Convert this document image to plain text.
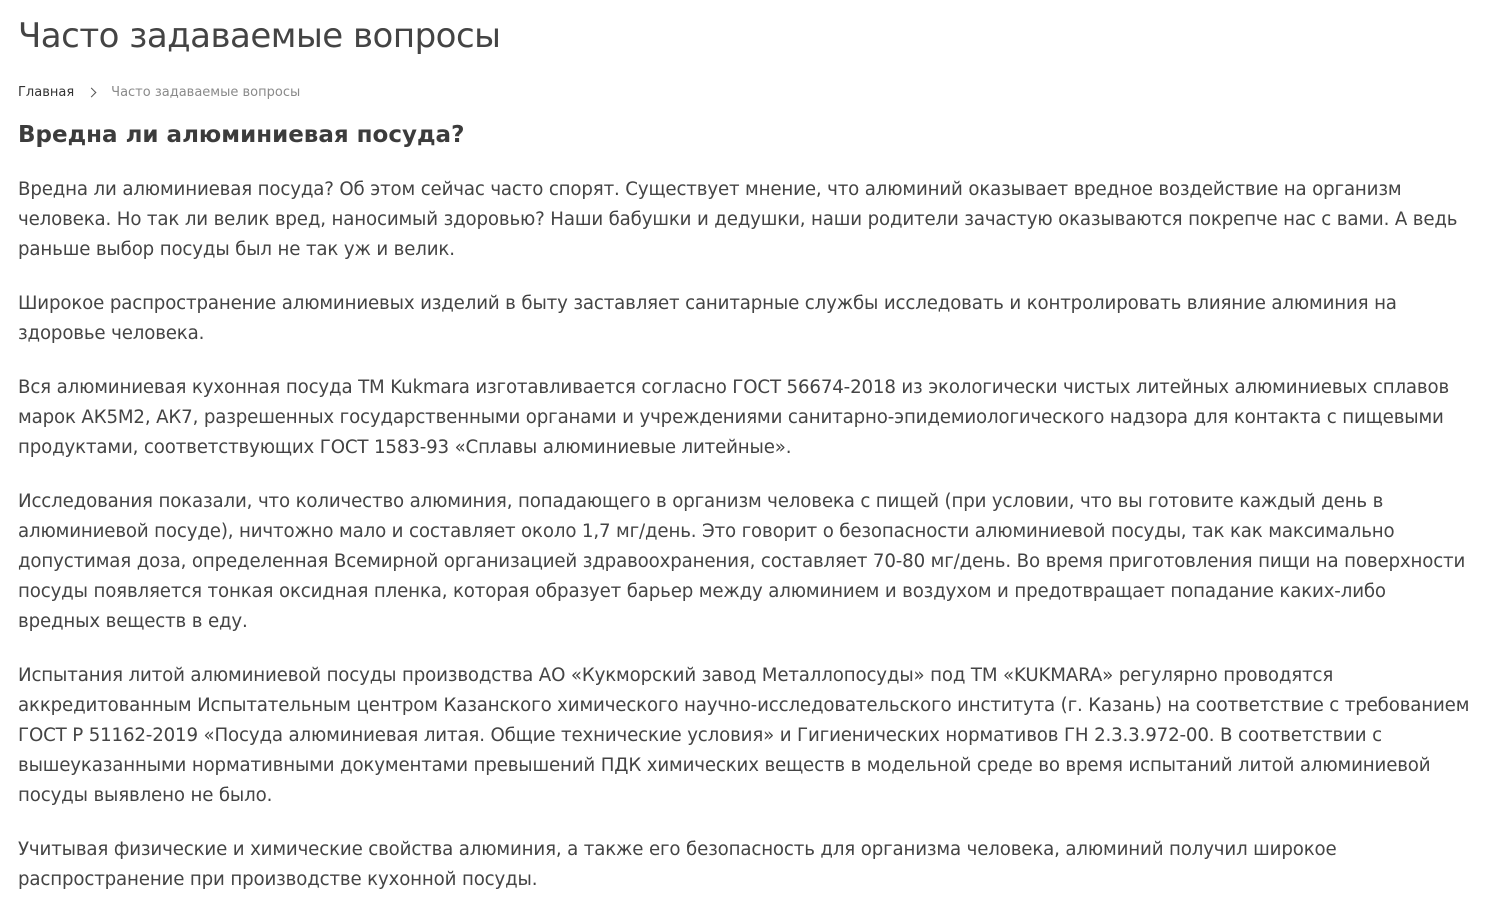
Часто задаваемые вопросы
Главная	Часто задаваемые вопросы
Вредна ли алюминиевая посуда?

Вредна ли алюминиевая посуда? Об этом сейчас часто спорят. Существует мнение, что алюминий оказывает вредное воздействие на организм человека. Но так ли велик вред, наносимый здоровью? Наши бабушки и дедушки, наши родители зачастую оказываются покрепче нас с вами. А ведь раньше выбор посуды был не так уж и велик.

Широкое распространение алюминиевых изделий в быту заставляет санитарные службы исследовать и контролировать влияние алюминия на здоровье человека.

Вся алюминиевая кухонная посуда ТМ Kukmara изготавливается согласно ГОСТ 56674-2018 из экологически чистых литейных алюминиевых сплавов марок АК5М2, АК7, разрешенных государственными органами и учреждениями санитарно-эпидемиологического надзора для контакта с пищевыми продуктами, соответствующих ГОСТ 1583-93 «Сплавы алюминиевые литейные».

Исследования показали, что количество алюминия, попадающего в организм человека с пищей (при условии, что вы готовите каждый день в алюминиевой посуде), ничтожно мало и составляет около 1,7 мг/день. Это говорит о безопасности алюминиевой посуды, так как максимально допустимая доза, определенная Всемирной организацией здравоохранения, составляет 70-80 мг/день. Во время приготовления пищи на поверхности посуды появляется тонкая оксидная пленка, которая образует барьер между алюминием и воздухом и предотвращает попадание каких-либо вредных веществ в еду.

Испытания литой алюминиевой посуды производства АО «Кукморский завод Металлопосуды» под ТМ «KUKMARA» регулярно проводятся аккредитованным Испытательным центром Казанского химического научно-исследовательского института (г. Казань) на соответствие с требованием ГОСТ Р 51162-2019 «Посуда алюминиевая литая. Общие технические условия» и Гигиенических нормативов ГН 2.3.3.972-00. В соответствии с вышеуказанными нормативными документами превышений ПДК химических веществ в модельной среде во время испытаний литой алюминиевой посуды выявлено не было.

Учитывая физические и химические свойства алюминия, а также его безопасность для организма человека, алюминий получил широкое распространение при производстве кухонной посуды.
